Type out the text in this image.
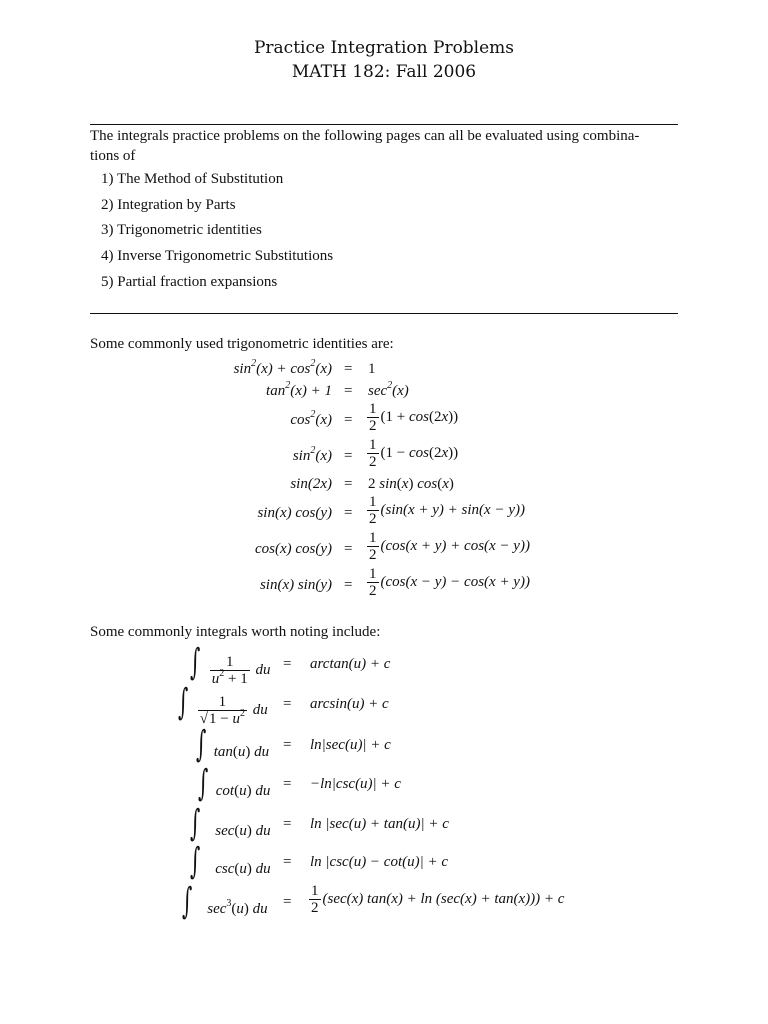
Practice Integration Problems
MATH 182: Fall 2006
The integrals practice problems on the following pages can all be evaluated using combina-
tions of
1) The Method of Substitution
2) Integration by Parts
3) Trigonometric identities
4) Inverse Trigonometric Substitutions
5) Partial fraction expansions
Some commonly used trigonometric identities are:
$\sin^2(x) + \cos^2(x) = 1$
$\tan^2(x) + 1 = \sec^2(x)$
$\cos^2(x) = \frac{1}{2} (1 + \cos(2x))$
$\sin^2(x) = \frac{1}{2} (1 - \cos(2x))$
sin(2x) = 2 sin(x) cos(x)
sin(x) $\cos(y) = \frac{1}{2} (\sin(x + y) + \sin(x - y))$
cos(x) $\cos(y) = \frac{1}{2} (\cos(x + y) + \cos(x - y))$
sin(x) $\sin(y) = \frac{1}{2} (\cos(x - y) - \cos(x + y))$
Some commonly integrals worth noting include:
∫ $\frac{1}{u^2 + 1}$ du = arctan(u) + c
∫ $\frac{1}{√1 - u^2}$ du = arcsin(u) + c
∫ tan(u) du = ln|sec(u)| + c
∫ cot(u) du = −ln|csc(u)| + c
∫ sec(u) du = ln |sec(u) + tan(u)| + c
∫ csc(u) du = ln |csc(u) − cot(u)| + c
∫ $\sec^3(u)$ du = $\frac{1}{2} (\sec(x) \tan(x) + \ln (\sec(x) + \tan(x))) + c$
